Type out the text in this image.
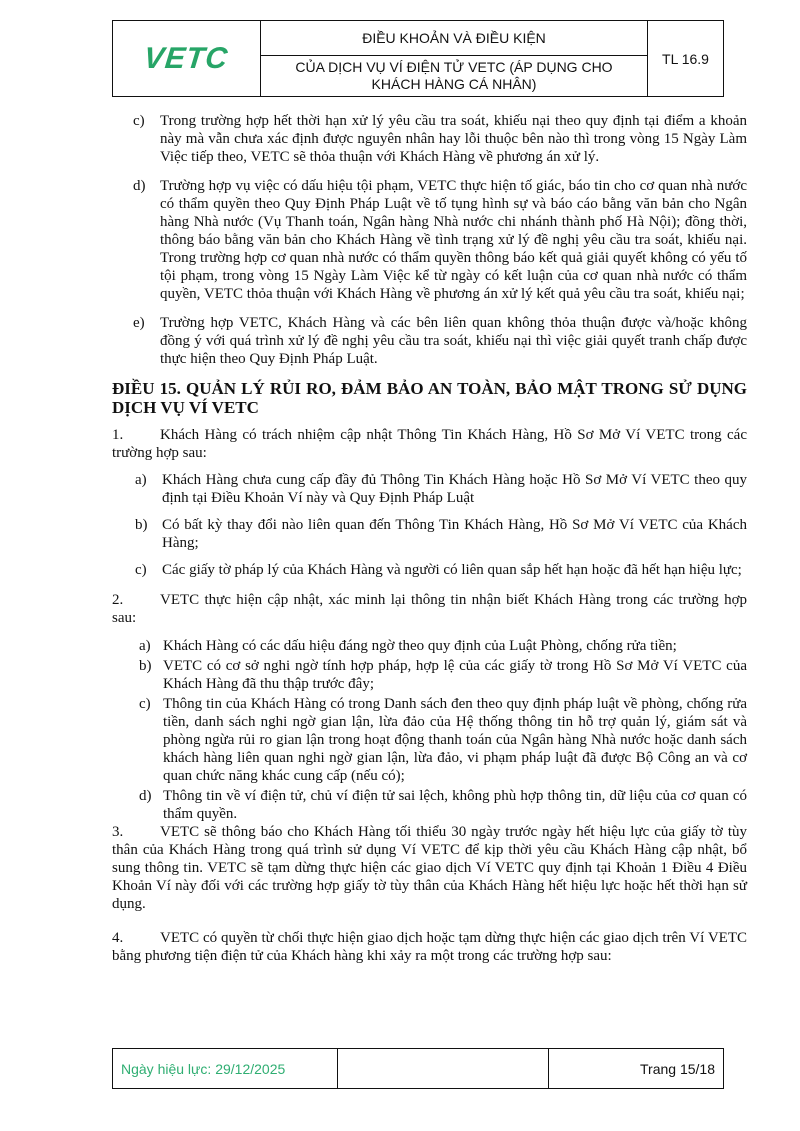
VETC
ĐIỀU KHOẢN VÀ ĐIỀU KIỆN
CỦA DỊCH VỤ VÍ ĐIỆN TỬ VETC (ÁP DỤNG CHO KHÁCH HÀNG CÁ NHÂN)
TL 16.9
c)	Trong trường hợp hết thời hạn xử lý yêu cầu tra soát, khiếu nại theo quy định tại điểm a khoản này mà vẫn chưa xác định được nguyên nhân hay lỗi thuộc bên nào thì trong vòng 15 Ngày Làm Việc tiếp theo, VETC sẽ thỏa thuận với Khách Hàng về phương án xử lý.
d) Trường hợp vụ việc có dấu hiệu tội phạm, VETC thực hiện tố giác, báo tin cho cơ quan nhà nước có thẩm quyền theo Quy Định Pháp Luật về tố tụng hình sự và báo cáo bằng văn bản cho Ngân hàng Nhà nước (Vụ Thanh toán, Ngân hàng Nhà nước chi nhánh thành phố Hà Nội); đồng thời, thông báo bằng văn bản cho Khách Hàng về tình trạng xử lý đề nghị yêu cầu tra soát, khiếu nại. Trong trường hợp cơ quan nhà nước có thẩm quyền thông báo kết quả giải quyết không có yếu tố tội phạm, trong vòng 15 Ngày Làm Việc kể từ ngày có kết luận của cơ quan nhà nước có thẩm quyền, VETC thỏa thuận với Khách Hàng về phương án xử lý kết quả yêu cầu tra soát, khiếu nại;
e)	Trường hợp VETC, Khách Hàng và các bên liên quan không thỏa thuận được và/hoặc không đồng ý với quá trình xử lý đề nghị yêu cầu tra soát, khiếu nại thì việc giải quyết tranh chấp được thực hiện theo Quy Định Pháp Luật.
ĐIỀU 15. QUẢN LÝ RỦI RO, ĐẢM BẢO AN TOÀN, BẢO MẬT TRONG SỬ DỤNG DỊCH VỤ VÍ VETC

1. Khách Hàng có trách nhiệm cập nhật Thông Tin Khách Hàng, Hồ Sơ Mở Ví VETC trong các trường hợp sau:

a)	Khách Hàng chưa cung cấp đầy đủ Thông Tin Khách Hàng hoặc Hồ Sơ Mở Ví VETC theo quy định tại Điều Khoản Ví này và Quy Định Pháp Luật
b) Có bất kỳ thay đổi nào liên quan đến Thông Tin Khách Hàng, Hồ Sơ Mở Ví VETC của Khách Hàng;
c)	Các giấy tờ pháp lý của Khách Hàng và người có liên quan sắp hết hạn hoặc đã hết hạn hiệu lực;

2. VETC thực hiện cập nhật, xác minh lại thông tin nhận biết Khách Hàng trong các trường hợp sau:

a) Khách Hàng có các dấu hiệu đáng ngờ theo quy định của Luật Phòng, chống rửa tiền;
b) VETC có cơ sở nghi ngờ tính hợp pháp, hợp lệ của các giấy tờ trong Hồ Sơ Mở Ví VETC của Khách Hàng đã thu thập trước đây;
c) Thông tin của Khách Hàng có trong Danh sách đen theo quy định pháp luật về phòng, chống rửa tiền, danh sách nghi ngờ gian lận, lừa đảo của Hệ thống thông tin hỗ trợ quản lý, giám sát và phòng ngừa rủi ro gian lận trong hoạt động thanh toán của Ngân hàng Nhà nước hoặc danh sách khách hàng liên quan nghi ngờ gian lận, lừa đảo, vi phạm pháp luật đã được Bộ Công an và cơ quan chức năng khác cung cấp (nếu có);
d) Thông tin về ví điện tử, chủ ví điện tử sai lệch, không phù hợp thông tin, dữ liệu của cơ quan có thẩm quyền.

3. VETC sẽ thông báo cho Khách Hàng tối thiểu 30 ngày trước ngày hết hiệu lực của giấy tờ tùy thân của Khách Hàng trong quá trình sử dụng Ví VETC để kịp thời yêu cầu Khách Hàng cập nhật, bổ sung thông tin. VETC sẽ tạm dừng thực hiện các giao dịch Ví VETC quy định tại Khoản 1 Điều 4 Điều Khoản Ví này đối với các trường hợp giấy tờ tùy thân của Khách Hàng hết hiệu lực hoặc hết thời hạn sử dụng.

4. VETC có quyền từ chối thực hiện giao dịch hoặc tạm dừng thực hiện các giao dịch trên Ví VETC bằng phương tiện điện tử của Khách hàng khi xảy ra một trong các trường hợp sau:

Ngày hiệu lực: 29/12/2025	Trang 15/18
